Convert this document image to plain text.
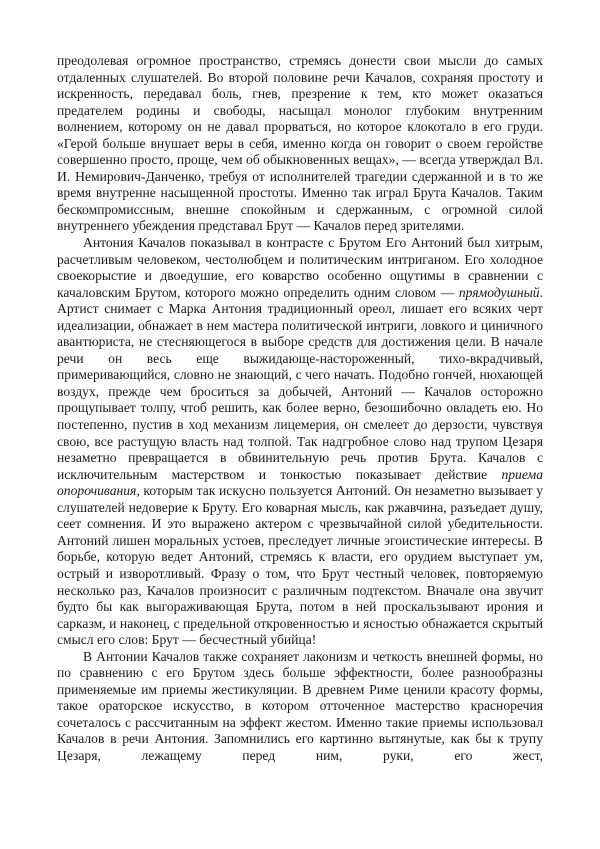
преодолевая огромное пространство, стремясь донести свои мысли до самых отдаленных слушателей. Во второй половине речи Качалов, сохраняя простоту и искренность, передавал боль, гнев, презрение к тем, кто может оказаться предателем родины и свободы, насыщал монолог глубоким внутренним волнением, которому он не давал прорваться, но которое клокотало в его груди. «Герой больше внушает веры в себя, именно когда он говорит о своем геройстве совершенно просто, проще, чем об обыкновенных вещах», — всегда утверждал Вл. И. Немирович-Данченко, требуя от исполнителей трагедии сдержанной и в то же время внутренне насыщенной простоты. Именно так играл Брута Качалов. Таким бескомпромиссным, внешне спокойным и сдержанным, с огромной силой внутреннего убеждения представал Брут — Качалов перед зрителями.

Антония Качалов показывал в контрасте с Брутом Его Антоний был хитрым, расчетливым человеком, честолюбцем и политическим интриганом. Его холодное своекорыстие и двоедушие, его коварство особенно ощутимы в сравнении с качаловским Брутом, которого можно определить одним словом — прямодушный. Артист снимает с Марка Антония традиционный ореол, лишает его всяких черт идеализации, обнажает в нем мастера политической интриги, ловкого и циничного авантюриста, не стесняющегося в выборе средств для достижения цели. В начале речи он весь еще выжидающе-настороженный, тихо-вкрадчивый, примеривающийся, словно не знающий, с чего начать. Подобно гончей, нюхающей воздух, прежде чем броситься за добычей, Антоний — Качалов осторожно прощупывает толпу, чтоб решить, как более верно, безошибочно овладеть ею. Но постепенно, пустив в ход механизм лицемерия, он смелеет до дерзости, чувствуя свою, все растущую власть над толпой. Так надгробное слово над трупом Цезаря незаметно превращается в обвинительную речь против Брута. Качалов с исключительным мастерством и тонкостью показывает действие приема опорочивания, которым так искусно пользуется Антоний. Он незаметно вызывает у слушателей недоверие к Бруту. Его коварная мысль, как ржавчина, разъедает душу, сеет сомнения. И это выражено актером с чрезвычайной силой убедительности. Антоний лишен моральных устоев, преследует личные эгоистические интересы. В борьбе, которую ведет Антоний, стремясь к власти, его орудием выступает ум, острый и изворотливый. Фразу о том, что Брут честный человек, повторяемую несколько раз, Качалов произносит с различным подтекстом. Вначале она звучит будто бы как выгораживающая Брута, потом в ней проскальзывают ирония и сарказм, и наконец, с предельной откровенностью и ясностью обнажается скрытый смысл его слов: Брут — бесчестный убийца!

В Антонии Качалов также сохраняет лаконизм и четкость внешней формы, но по сравнению с его Брутом здесь больше эффектности, более разнообразны применяемые им приемы жестикуляции. В древнем Риме ценили красоту формы, такое ораторское искусство, в котором отточенное мастерство красноречия сочеталось с рассчитанным на эффект жестом. Именно такие приемы использовал Качалов в речи Антония. Запомнились его картинно вытянутые, как бы к трупу Цезаря, лежащему перед ним, руки, его жест,
